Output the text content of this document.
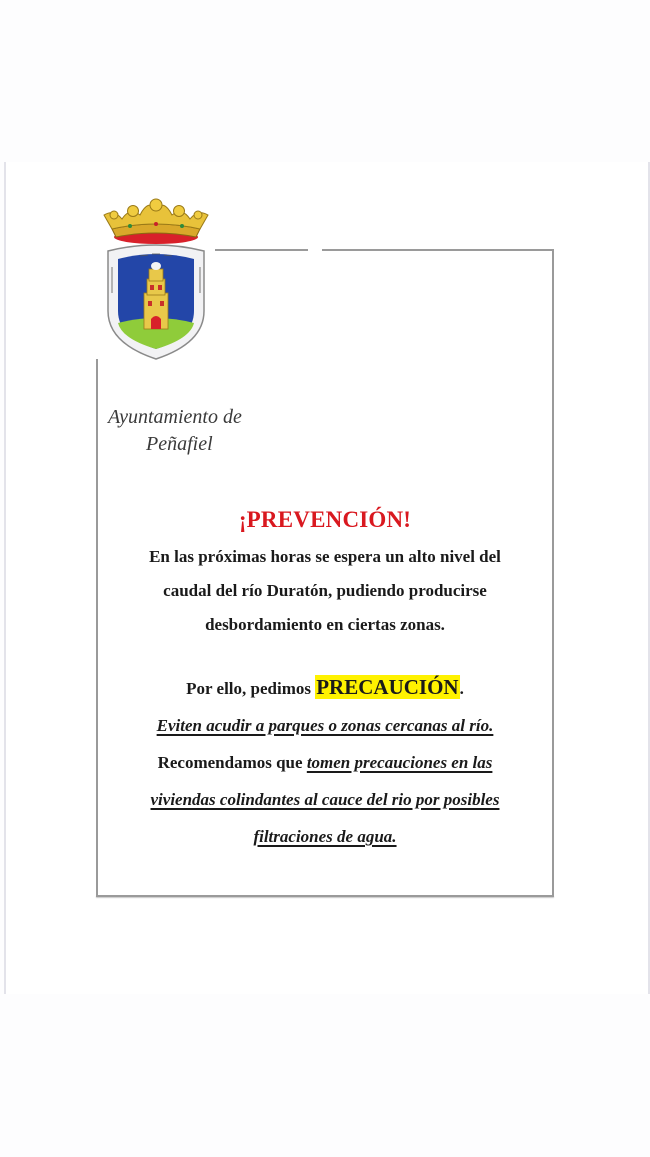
Ayuntamiento de
Peñafiel
¡PREVENCIÓN!

En las próximas horas se espera un alto nivel del
caudal del río Duratón, pudiendo producirse
desbordamiento en ciertas zonas.

Por ello, pedimos PRECAUCIÓN.
Eviten acudir a parques o zonas cercanas al río.
Recomendamos que tomen precauciones en las
viviendas colindantes al cauce del rio por posibles
filtraciones de agua.
